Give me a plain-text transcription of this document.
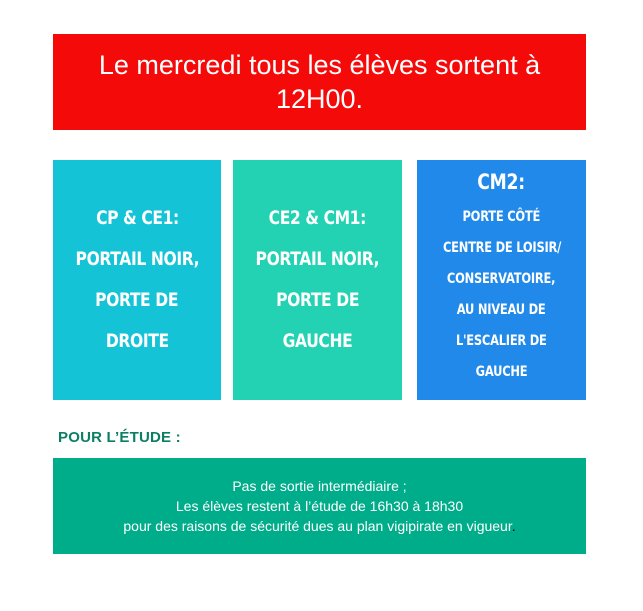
Le mercredi tous les élèves sortent à
12H00.
CP & CE1:
PORTAIL NOIR,
PORTE DE
DROITE
CE2 & CM1:
PORTAIL NOIR,
PORTE DE
GAUCHE
CM2:
PORTE CÔTÉ
CENTRE DE LOISIR/
CONSERVATOIRE,
AU NIVEAU DE
L'ESCALIER DE
GAUCHE
POUR L’ÉTUDE :
Pas de sortie intermédiaire ;
Les élèves restent à l’étude de 16h30 à 18h30
pour des raisons de sécurité dues au plan vigipirate en vigueur.
